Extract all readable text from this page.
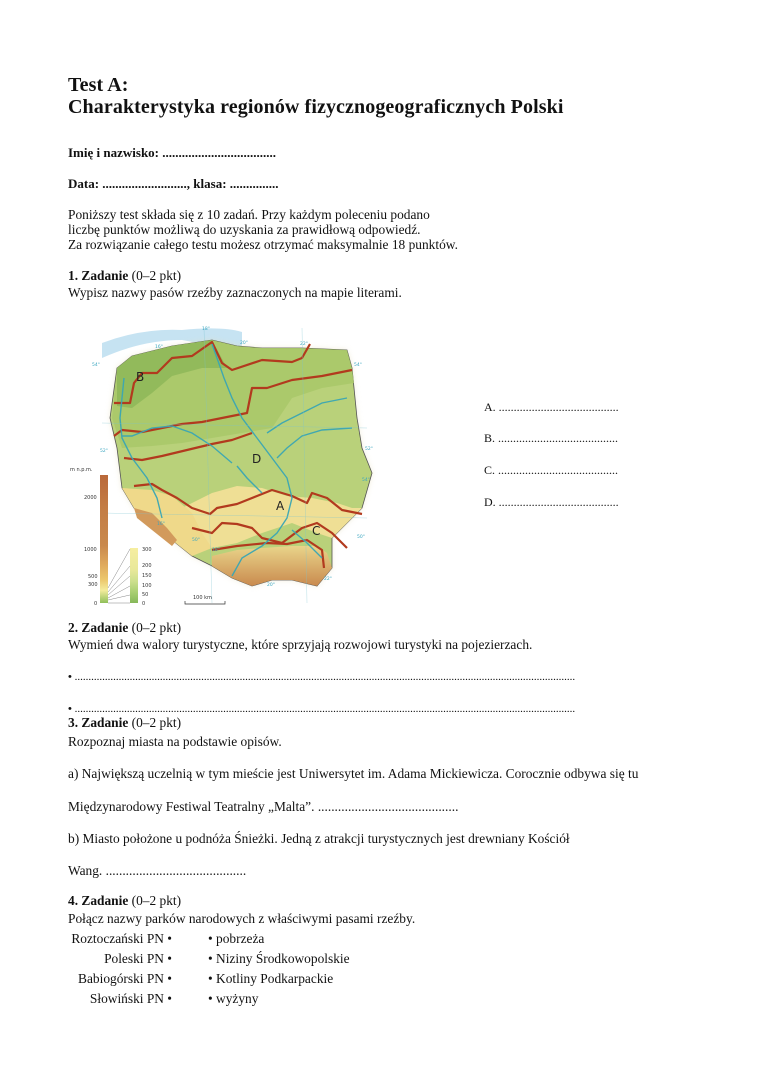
Test A:
Charakterystyka regionów fizycznogeograficznych Polski
Imię i nazwisko: ...................................
Data: .........................., klasa: ...............
Poniższy test składa się z 10 zadań. Przy każdym poleceniu podano
liczbę punktów możliwą do uzyskania za prawidłową odpowiedź.
Za rozwiązanie całego testu możesz otrzymać maksymalnie 18 punktów.
1. Zadanie (0–2 pkt)
Wypisz nazwy pasów rzeźby zaznaczonych na mapie literami.
18°
16°
54°
20°	22°
54°
52°	52°
54°
16°
50°
18°
20°
22°
50°
A
B
C
D
m n.p.m.
2000
1000
500
300
0
300
200
150
100
50
0
100 km
A. ........................................
B. ........................................
C. ........................................
D. ........................................
2. Zadanie (0–2 pkt)
Wymień dwa walory turystyczne, które sprzyjają rozwojowi turystyki na pojezierzach.
• ......................................................................................................................................................................................
• ......................................................................................................................................................................................
3. Zadanie (0–2 pkt)
Rozpoznaj miasta na podstawie opisów.
a) Największą uczelnią w tym mieście jest Uniwersytet im. Adama Mickiewicza. Corocznie odbywa się tu
Międzynarodowy Festiwal Teatralny „Malta”. ..........................................
b) Miasto położone u podnóża Śnieżki. Jedną z atrakcji turystycznych jest drewniany Kościół
Wang. ..........................................
4. Zadanie (0–2 pkt)
Połącz nazwy parków narodowych z właściwymi pasami rzeźby.
Roztoczański PN •
Poleski PN •
Babiogórski PN •
Słowiński PN •
• pobrzeża
• Niziny Środkowopolskie
• Kotliny Podkarpackie
• wyżyny
